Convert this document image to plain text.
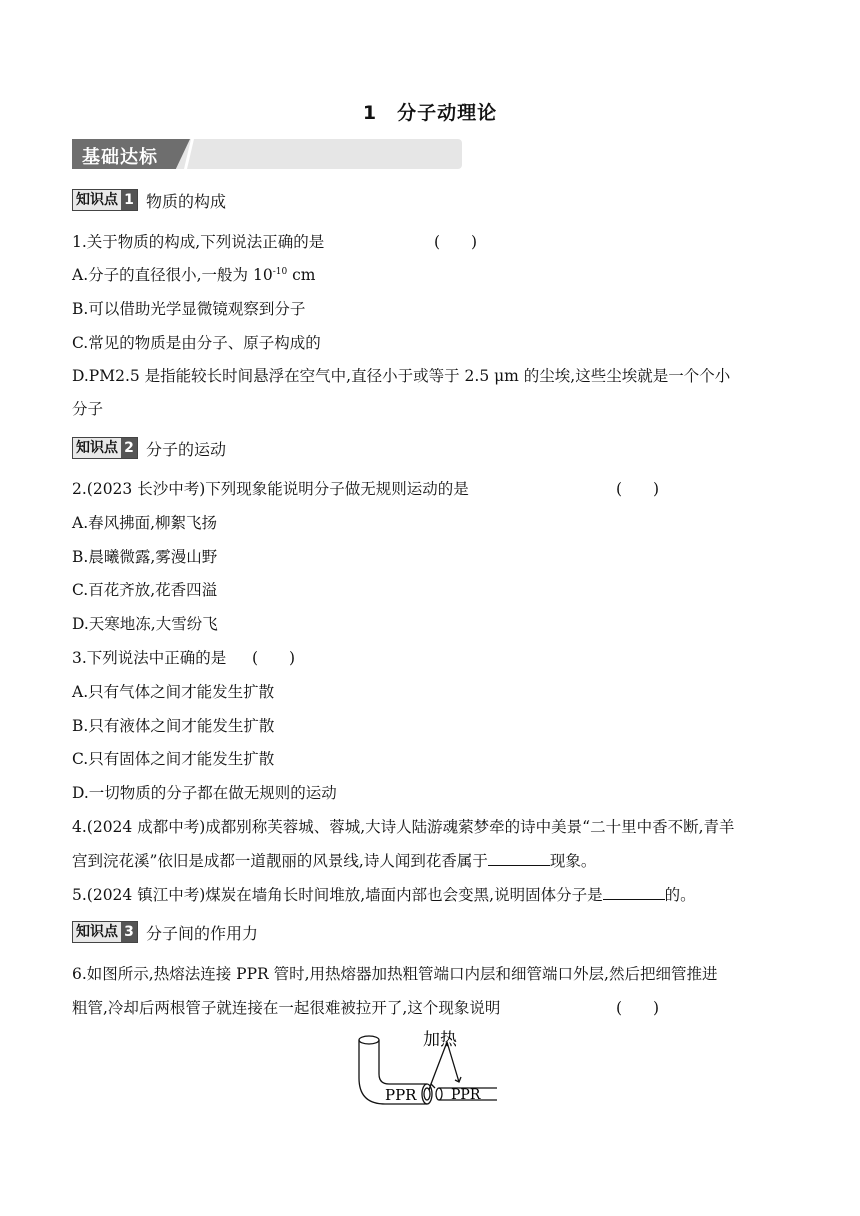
1 分子动理论
基础达标
知识点 1 物质的构成
1.关于物质的构成,下列说法正确的是	(　　)
A.分子的直径很小,一般为 $10^{-10}$ cm
B.可以借助光学显微镜观察到分子
C.常见的物质是由分子、原子构成的
D.PM2.5 是指能较长时间悬浮在空气中,直径小于或等于 2.5 μm 的尘埃,这些尘埃就是一个个小
分子
知识点 2 分子的运动
2.(2023 长沙中考)下列现象能说明分子做无规则运动的是	(　　)
A.春风拂面,柳絮飞扬
B.晨曦微露,雾漫山野
C.百花齐放,花香四溢
D.天寒地冻,大雪纷飞
3.下列说法中正确的是 (　　)
A.只有气体之间才能发生扩散
B.只有液体之间才能发生扩散
C.只有固体之间才能发生扩散
D.一切物质的分子都在做无规则的运动
4.(2024 成都中考)成都别称芙蓉城、蓉城,大诗人陆游魂萦梦牵的诗中美景“二十里中香不断,青羊
宫到浣花溪”依旧是成都一道靓丽的风景线,诗人闻到花香属于	现象。
5.(2024 镇江中考)煤炭在墙角长时间堆放,墙面内部也会变黑,说明固体分子是	的。
知识点 3 分子间的作用力
6.如图所示,热熔法连接 PPR 管时,用热熔器加热粗管端口内层和细管端口外层,然后把细管推进
粗管,冷却后两根管子就连接在一起很难被拉开了,这个现象说明	(　　)
加热
PPR PPR
